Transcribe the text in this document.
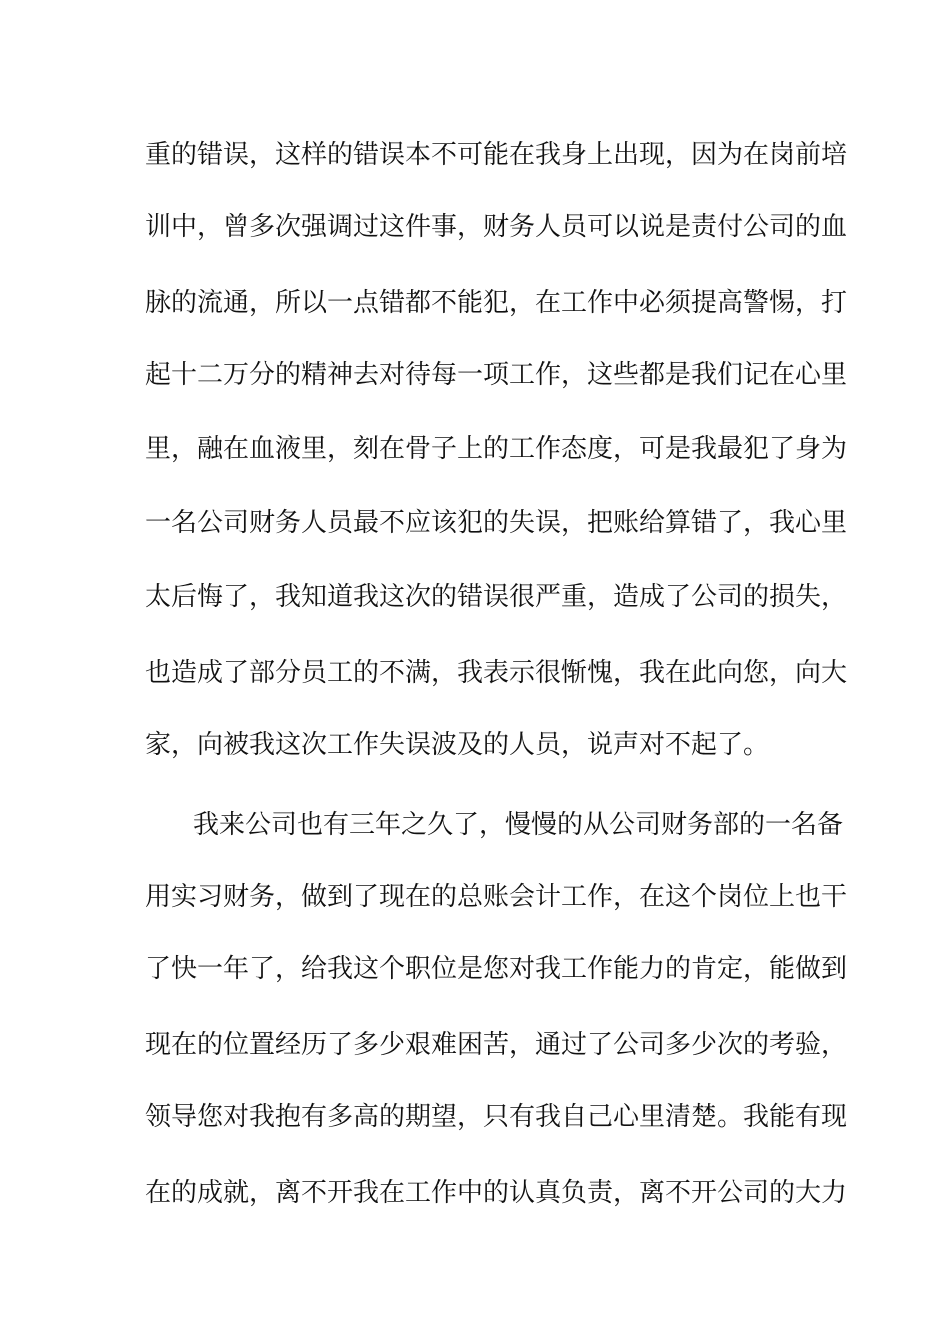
重的错误，这样的错误本不可能在我身上出现，因为在岗前培
训中，曾多次强调过这件事，财务人员可以说是责付公司的血
脉的流通，所以一点错都不能犯，在工作中必须提高警惕，打
起十二万分的精神去对待每一项工作，这些都是我们记在心里
里，融在血液里，刻在骨子上的工作态度，可是我最犯了身为
一名公司财务人员最不应该犯的失误，把账给算错了，我心里
太后悔了，我知道我这次的错误很严重，造成了公司的损失，
也造成了部分员工的不满，我表示很惭愧，我在此向您，向大
家，向被我这次工作失误波及的人员，说声对不起了。
我来公司也有三年之久了，慢慢的从公司财务部的一名备
用实习财务，做到了现在的总账会计工作，在这个岗位上也干
了快一年了，给我这个职位是您对我工作能力的肯定，能做到
现在的位置经历了多少艰难困苦，通过了公司多少次的考验，
领导您对我抱有多高的期望，只有我自己心里清楚。我能有现
在的成就，离不开我在工作中的认真负责，离不开公司的大力
